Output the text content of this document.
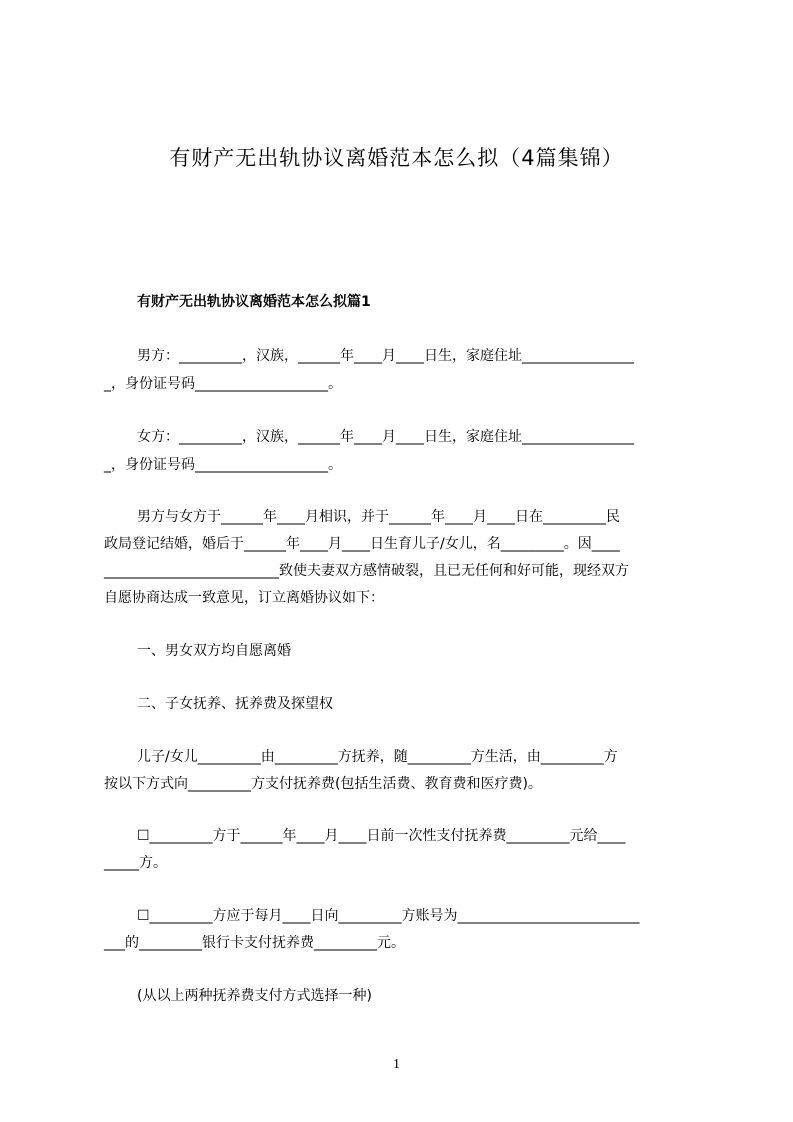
有财产无出轨协议离婚范本怎么拟（4篇集锦）
有财产无出轨协议离婚范本怎么拟篇1
男方：_________，汉族，______年____月____日生，家庭住址________________
_，身份证号码___________________。
女方：_________，汉族，______年____月____日生，家庭住址________________
_，身份证号码___________________。
男方与女方于______年____月相识，并于______年____月____日在_________民
政局登记结婚，婚后于______年____月____日生育儿子/女儿，名_________。因____
_________________________致使夫妻双方感情破裂，且已无任何和好可能，现经双方
自愿协商达成一致意见，订立离婚协议如下：
一、男女双方均自愿离婚
二、子女抚养、抚养费及探望权
儿子/女儿_________由_________方抚养，随_________方生活，由_________方
按以下方式向_________方支付抚养费(包括生活费、教育费和医疗费)。
☐_________方于______年____月____日前一次性支付抚养费_________元给____
_____方。
☐_________方应于每月____日向_________方账号为__________________________
___的_________银行卡支付抚养费_________元。
(从以上两种抚养费支付方式选择一种)
1
